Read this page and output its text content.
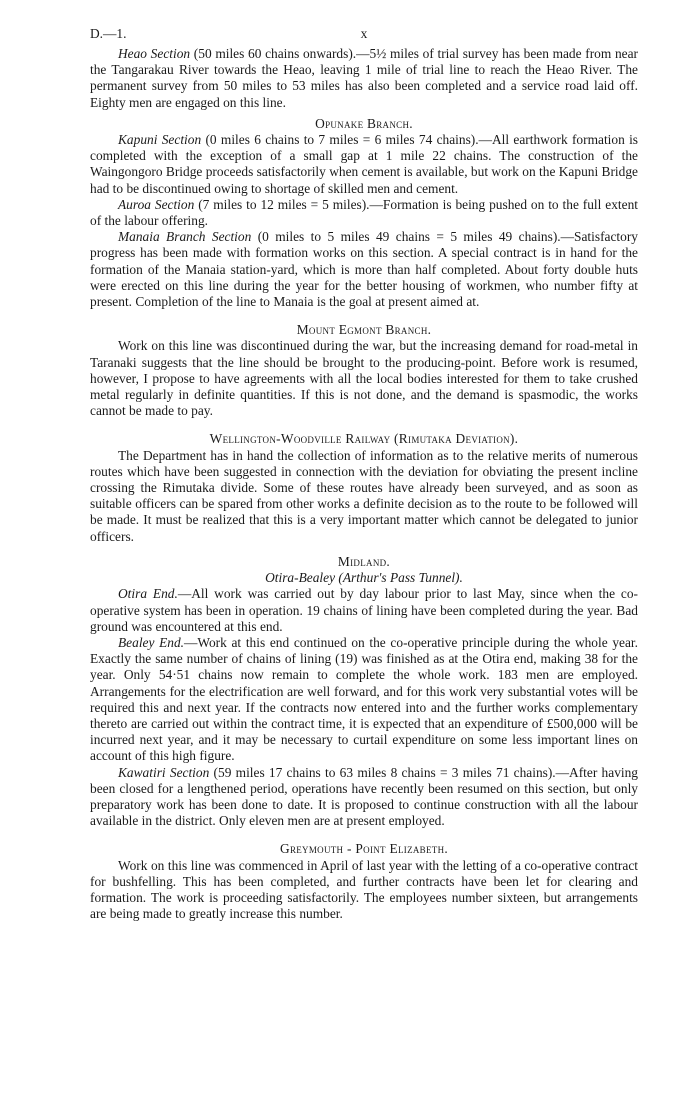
D.—1.	x

Heao Section (50 miles 60 chains onwards).—5½ miles of trial survey has been made from near the Tangarakau River towards the Heao, leaving 1 mile of trial line to reach the Heao River. The permanent survey from 50 miles to 53 miles has also been completed and a service road laid off. Eighty men are engaged on this line.

Opunake Branch.

Kapuni Section (0 miles 6 chains to 7 miles = 6 miles 74 chains).—All earthwork formation is completed with the exception of a small gap at 1 mile 22 chains. The construction of the Waingongoro Bridge proceeds satisfactorily when cement is available, but work on the Kapuni Bridge had to be discontinued owing to shortage of skilled men and cement.

Auroa Section (7 miles to 12 miles = 5 miles).—Formation is being pushed on to the full extent of the labour offering.

Manaia Branch Section (0 miles to 5 miles 49 chains = 5 miles 49 chains).—Satisfactory progress has been made with formation works on this section. A special contract is in hand for the formation of the Manaia station-yard, which is more than half completed. About forty double huts were erected on this line during the year for the better housing of workmen, who number fifty at present. Completion of the line to Manaia is the goal at present aimed at.

Mount Egmont Branch.

Work on this line was discontinued during the war, but the increasing demand for road-metal in Taranaki suggests that the line should be brought to the producing-point. Before work is resumed, however, I propose to have agreements with all the local bodies interested for them to take crushed metal regularly in definite quantities. If this is not done, and the demand is spasmodic, the works cannot be made to pay.

Wellington-Woodville Railway (Rimutaka Deviation).

The Department has in hand the collection of information as to the relative merits of numerous routes which have been suggested in connection with the deviation for obviating the present incline crossing the Rimutaka divide. Some of these routes have already been surveyed, and as soon as suitable officers can be spared from other works a definite decision as to the route to be followed will be made. It must be realized that this is a very important matter which cannot be delegated to junior officers.

Midland.
Otira-Bealey (Arthur's Pass Tunnel).

Otira End.—All work was carried out by day labour prior to last May, since when the co-operative system has been in operation. 19 chains of lining have been completed during the year. Bad ground was encountered at this end.

Bealey End.—Work at this end continued on the co-operative principle during the whole year. Exactly the same number of chains of lining (19) was finished as at the Otira end, making 38 for the year. Only 54·51 chains now remain to complete the whole work. 183 men are employed. Arrangements for the electrification are well forward, and for this work very substantial votes will be required this and next year. If the contracts now entered into and the further works complementary thereto are carried out within the contract time, it is expected that an expenditure of £500,000 will be incurred next year, and it may be necessary to curtail expenditure on some less important lines on account of this high figure.

Kawatiri Section (59 miles 17 chains to 63 miles 8 chains = 3 miles 71 chains).—After having been closed for a lengthened period, operations have recently been resumed on this section, but only preparatory work has been done to date. It is proposed to continue construction with all the labour available in the district. Only eleven men are at present employed.

Greymouth - Point Elizabeth.

Work on this line was commenced in April of last year with the letting of a co-operative contract for bushfelling. This has been completed, and further contracts have been let for clearing and formation. The work is proceeding satisfactorily. The employees number sixteen, but arrangements are being made to greatly increase this number.
